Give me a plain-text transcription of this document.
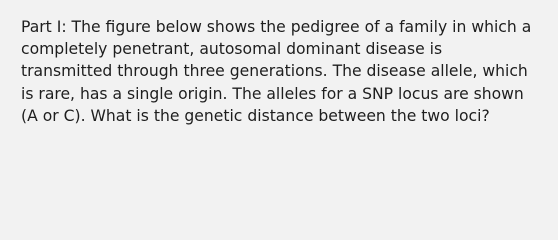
Part I: The figure below shows the pedigree of a family in which a
completely penetrant, autosomal dominant disease is
transmitted through three generations. The disease allele, which
is rare, has a single origin. The alleles for a SNP locus are shown
(A or C). What is the genetic distance between the two loci?
